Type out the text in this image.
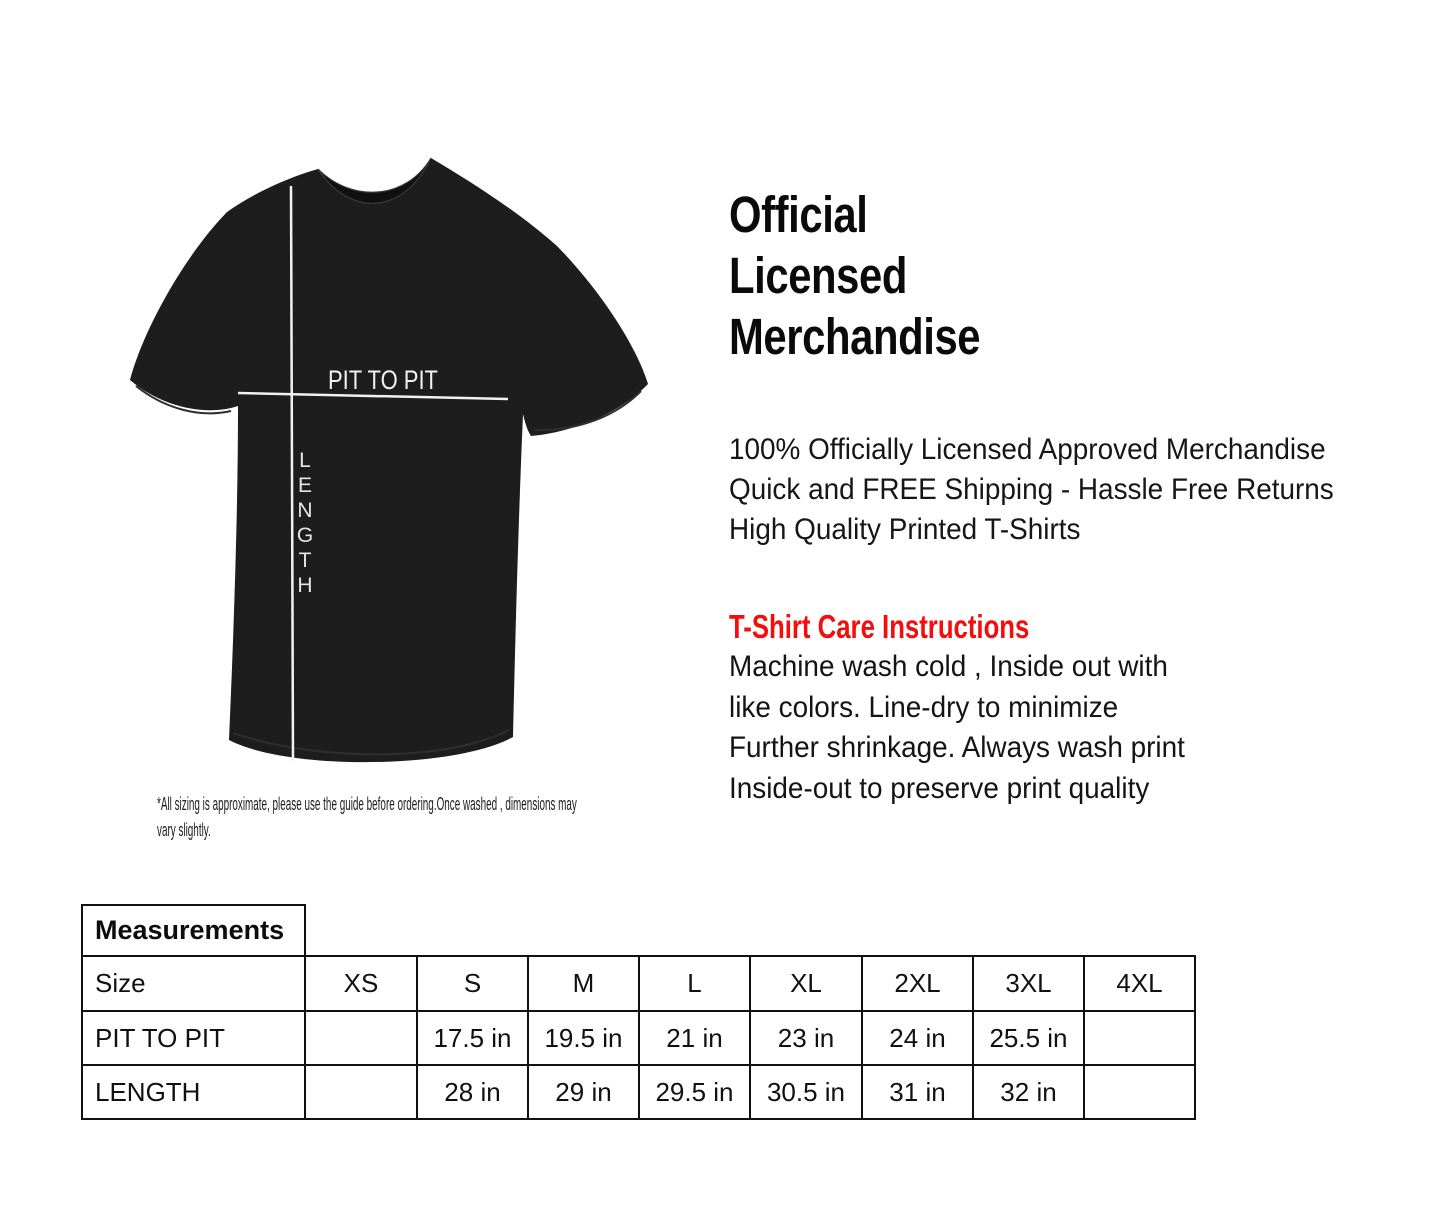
PIT TO PIT
L
E
N
G
T
H
*All sizing is approximate, please use the guide before ordering.Once washed , dimensions may
vary slightly.
Official
Licensed
Merchandise
100% Officially Licensed Approved Merchandise
Quick and FREE Shipping - Hassle Free Returns
High Quality Printed T-Shirts
T-Shirt Care Instructions
Machine wash cold , Inside out with
like colors. Line-dry to minimize
Further shrinkage. Always wash print
Inside-out to preserve print quality
Measurements
Size	XS	S	M	L	XL	2XL	3XL	4XL
PIT TO PIT		17.5 in	19.5 in	21 in	23 in	24 in	25.5 in	
LENGTH		28 in	29 in	29.5 in	30.5 in	31 in	32 in	
